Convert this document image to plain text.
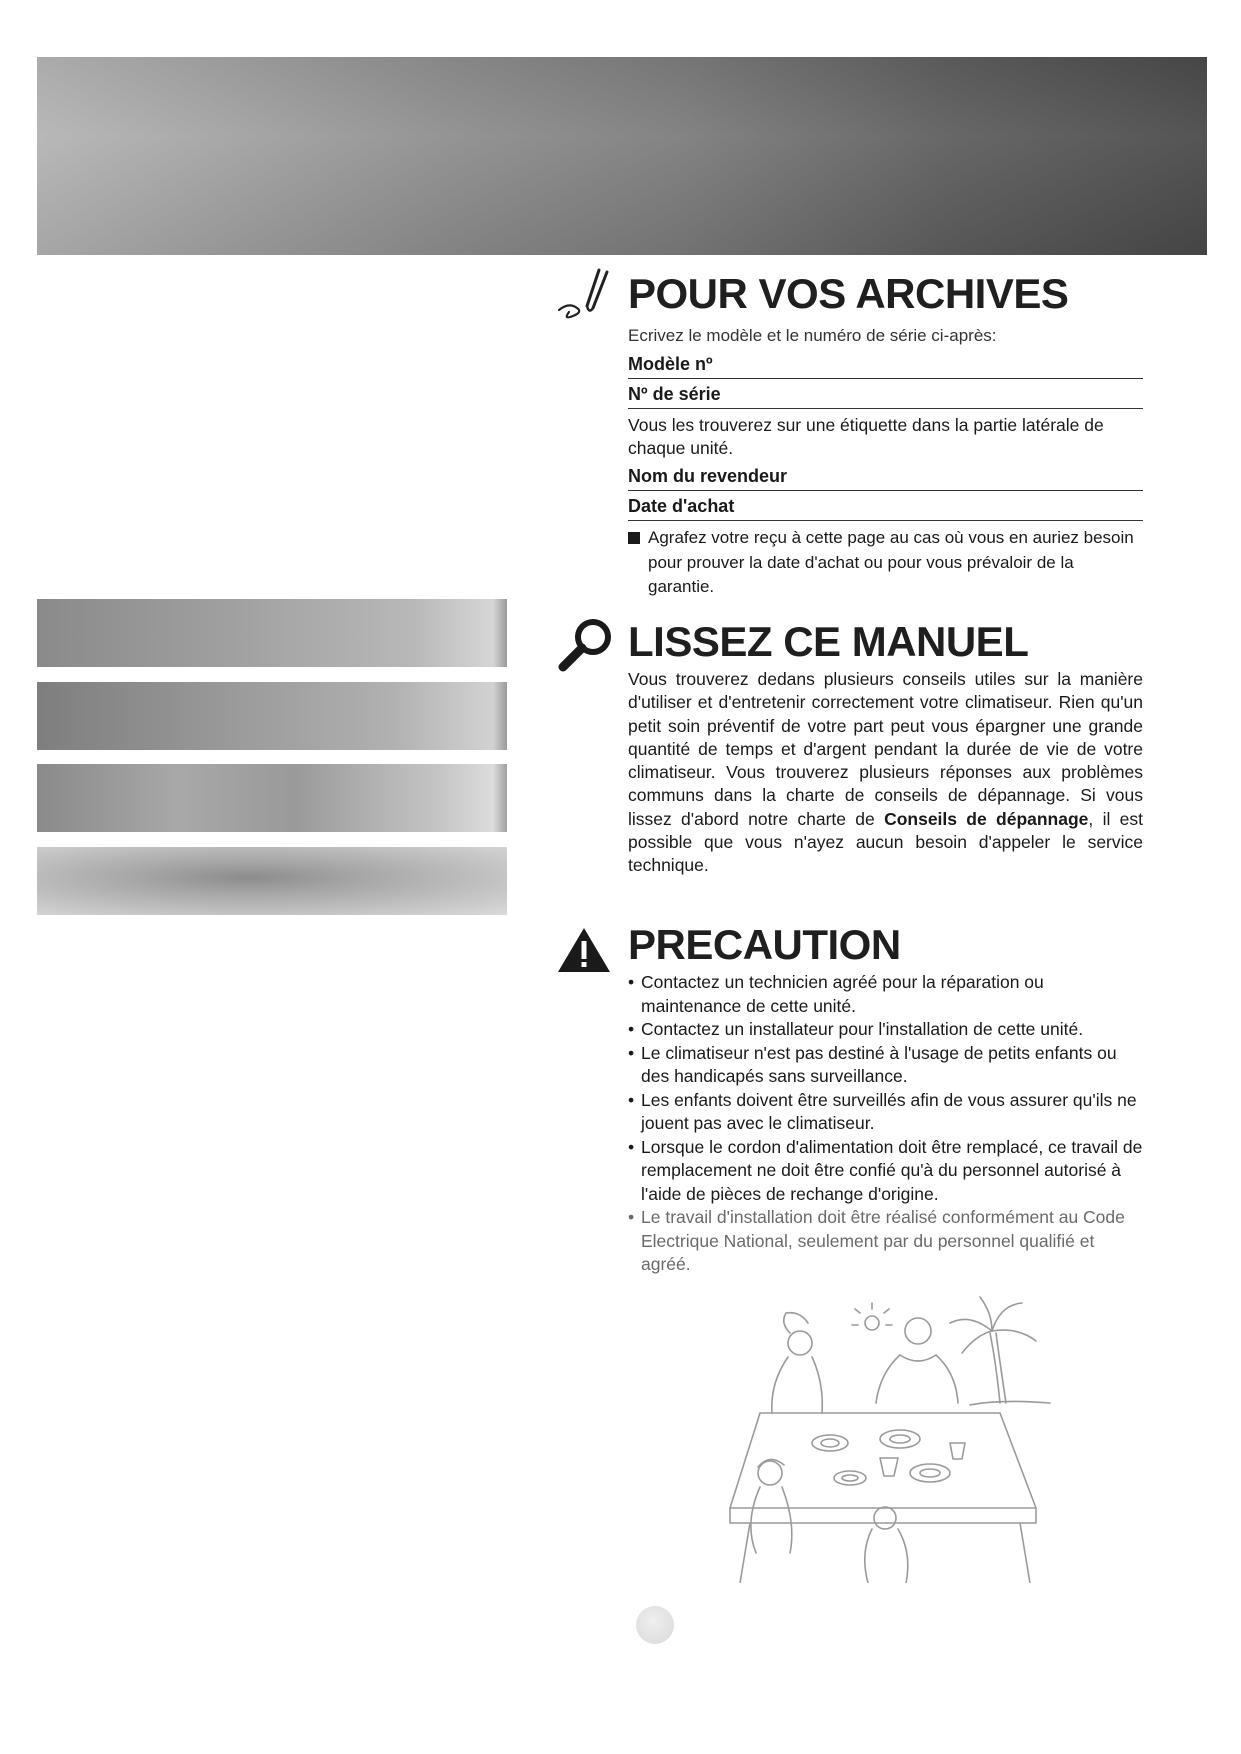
POUR VOS ARCHIVES
Ecrivez le modèle et le numéro de série ci-après:
Modèle nº
Nº de série
Vous les trouverez sur une étiquette dans la partie latérale de chaque unité.
Nom du revendeur
Date d'achat
Agrafez votre reçu à cette page au cas où vous en auriez besoin pour prouver la date d'achat ou pour vous prévaloir de la garantie.
LISSEZ CE MANUEL
Vous trouverez dedans plusieurs conseils utiles sur la manière d'utiliser et d'entretenir correctement votre climatiseur. Rien qu'un petit soin préventif de votre part peut vous épargner une grande quantité de temps et d'argent pendant la durée de vie de votre climatiseur. Vous trouverez plusieurs réponses aux problèmes communs dans la charte de conseils de dépannage. Si vous lissez d'abord notre charte de Conseils de dépannage, il est possible que vous n'ayez aucun besoin d'appeler le service technique.
PRECAUTION
• Contactez un technicien agréé pour la réparation ou maintenance de cette unité.
• Contactez un installateur pour l'installation de cette unité.
• Le climatiseur n'est pas destiné à l'usage de petits enfants ou des handicapés sans surveillance.
• Les enfants doivent être surveillés afin de vous assurer qu'ils ne jouent pas avec le climatiseur.
• Lorsque le cordon d'alimentation doit être remplacé, ce travail de remplacement ne doit être confié qu'à du personnel autorisé à l'aide de pièces de rechange d'origine.
• Le travail d'installation doit être réalisé conformément au Code Electrique National, seulement par du personnel qualifié et agréé.
